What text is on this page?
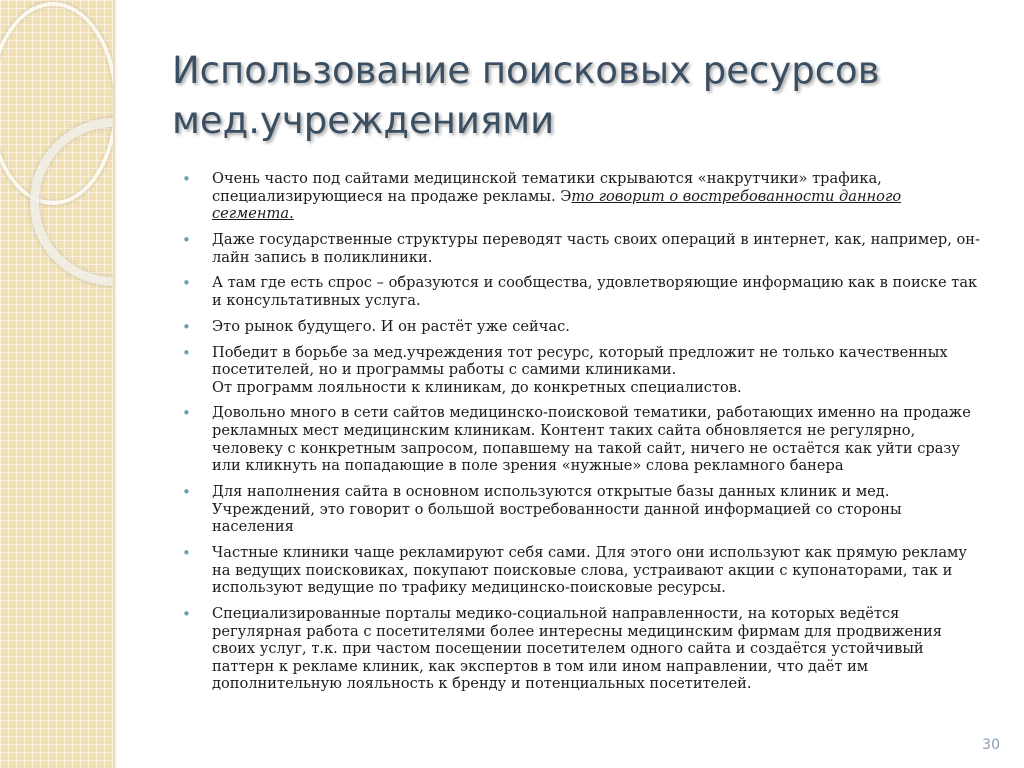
Использование поисковых ресурсов
мед.учреждениями
• Очень часто под сайтами медицинской тематики скрываются «накрутчики» трафика, специализирующиеся на продаже рекламы. Это говорит о востребованности данного сегмента.
• Даже государственные структуры переводят часть своих операций в интернет, как, например, он-лайн запись в поликлиники.
• А там где есть спрос – образуются и сообщества, удовлетворяющие информацию как в поиске так и консультативных услуга.
• Это рынок будущего. И он растёт уже сейчас.
• Победит в борьбе за мед.учреждения тот ресурс, который предложит не только качественных посетителей, но и программы работы с самими клиниками.
От программ лояльности к клиникам, до конкретных специалистов.
• Довольно много в сети сайтов медицинско-поисковой тематики, работающих именно на продаже рекламных мест медицинским клиникам. Контент таких сайта обновляется не регулярно, человеку с конкретным запросом, попавшему на такой сайт, ничего не остаётся как уйти сразу или кликнуть на попадающие в поле зрения «нужные» слова рекламного банера
• Для наполнения сайта в основном используются открытые базы данных клиник и мед. Учреждений, это говорит о большой востребованности данной информацией со стороны населения
• Частные клиники чаще рекламируют себя сами. Для этого они используют как прямую рекламу на ведущих поисковиках, покупают поисковые слова, устраивают акции с купонаторами, так и используют ведущие по трафику медицинско-поисковые ресурсы.
• Специализированные порталы медико-социальной направленности, на которых ведётся регулярная работа с посетителями более интересны медицинским фирмам для продвижения своих услуг, т.к. при частом посещении посетителем одного сайта и создаётся устойчивый паттерн к рекламе клиник, как экспертов в том или ином направлении, что даёт им дополнительную лояльность к бренду и потенциальных посетителей.
30
